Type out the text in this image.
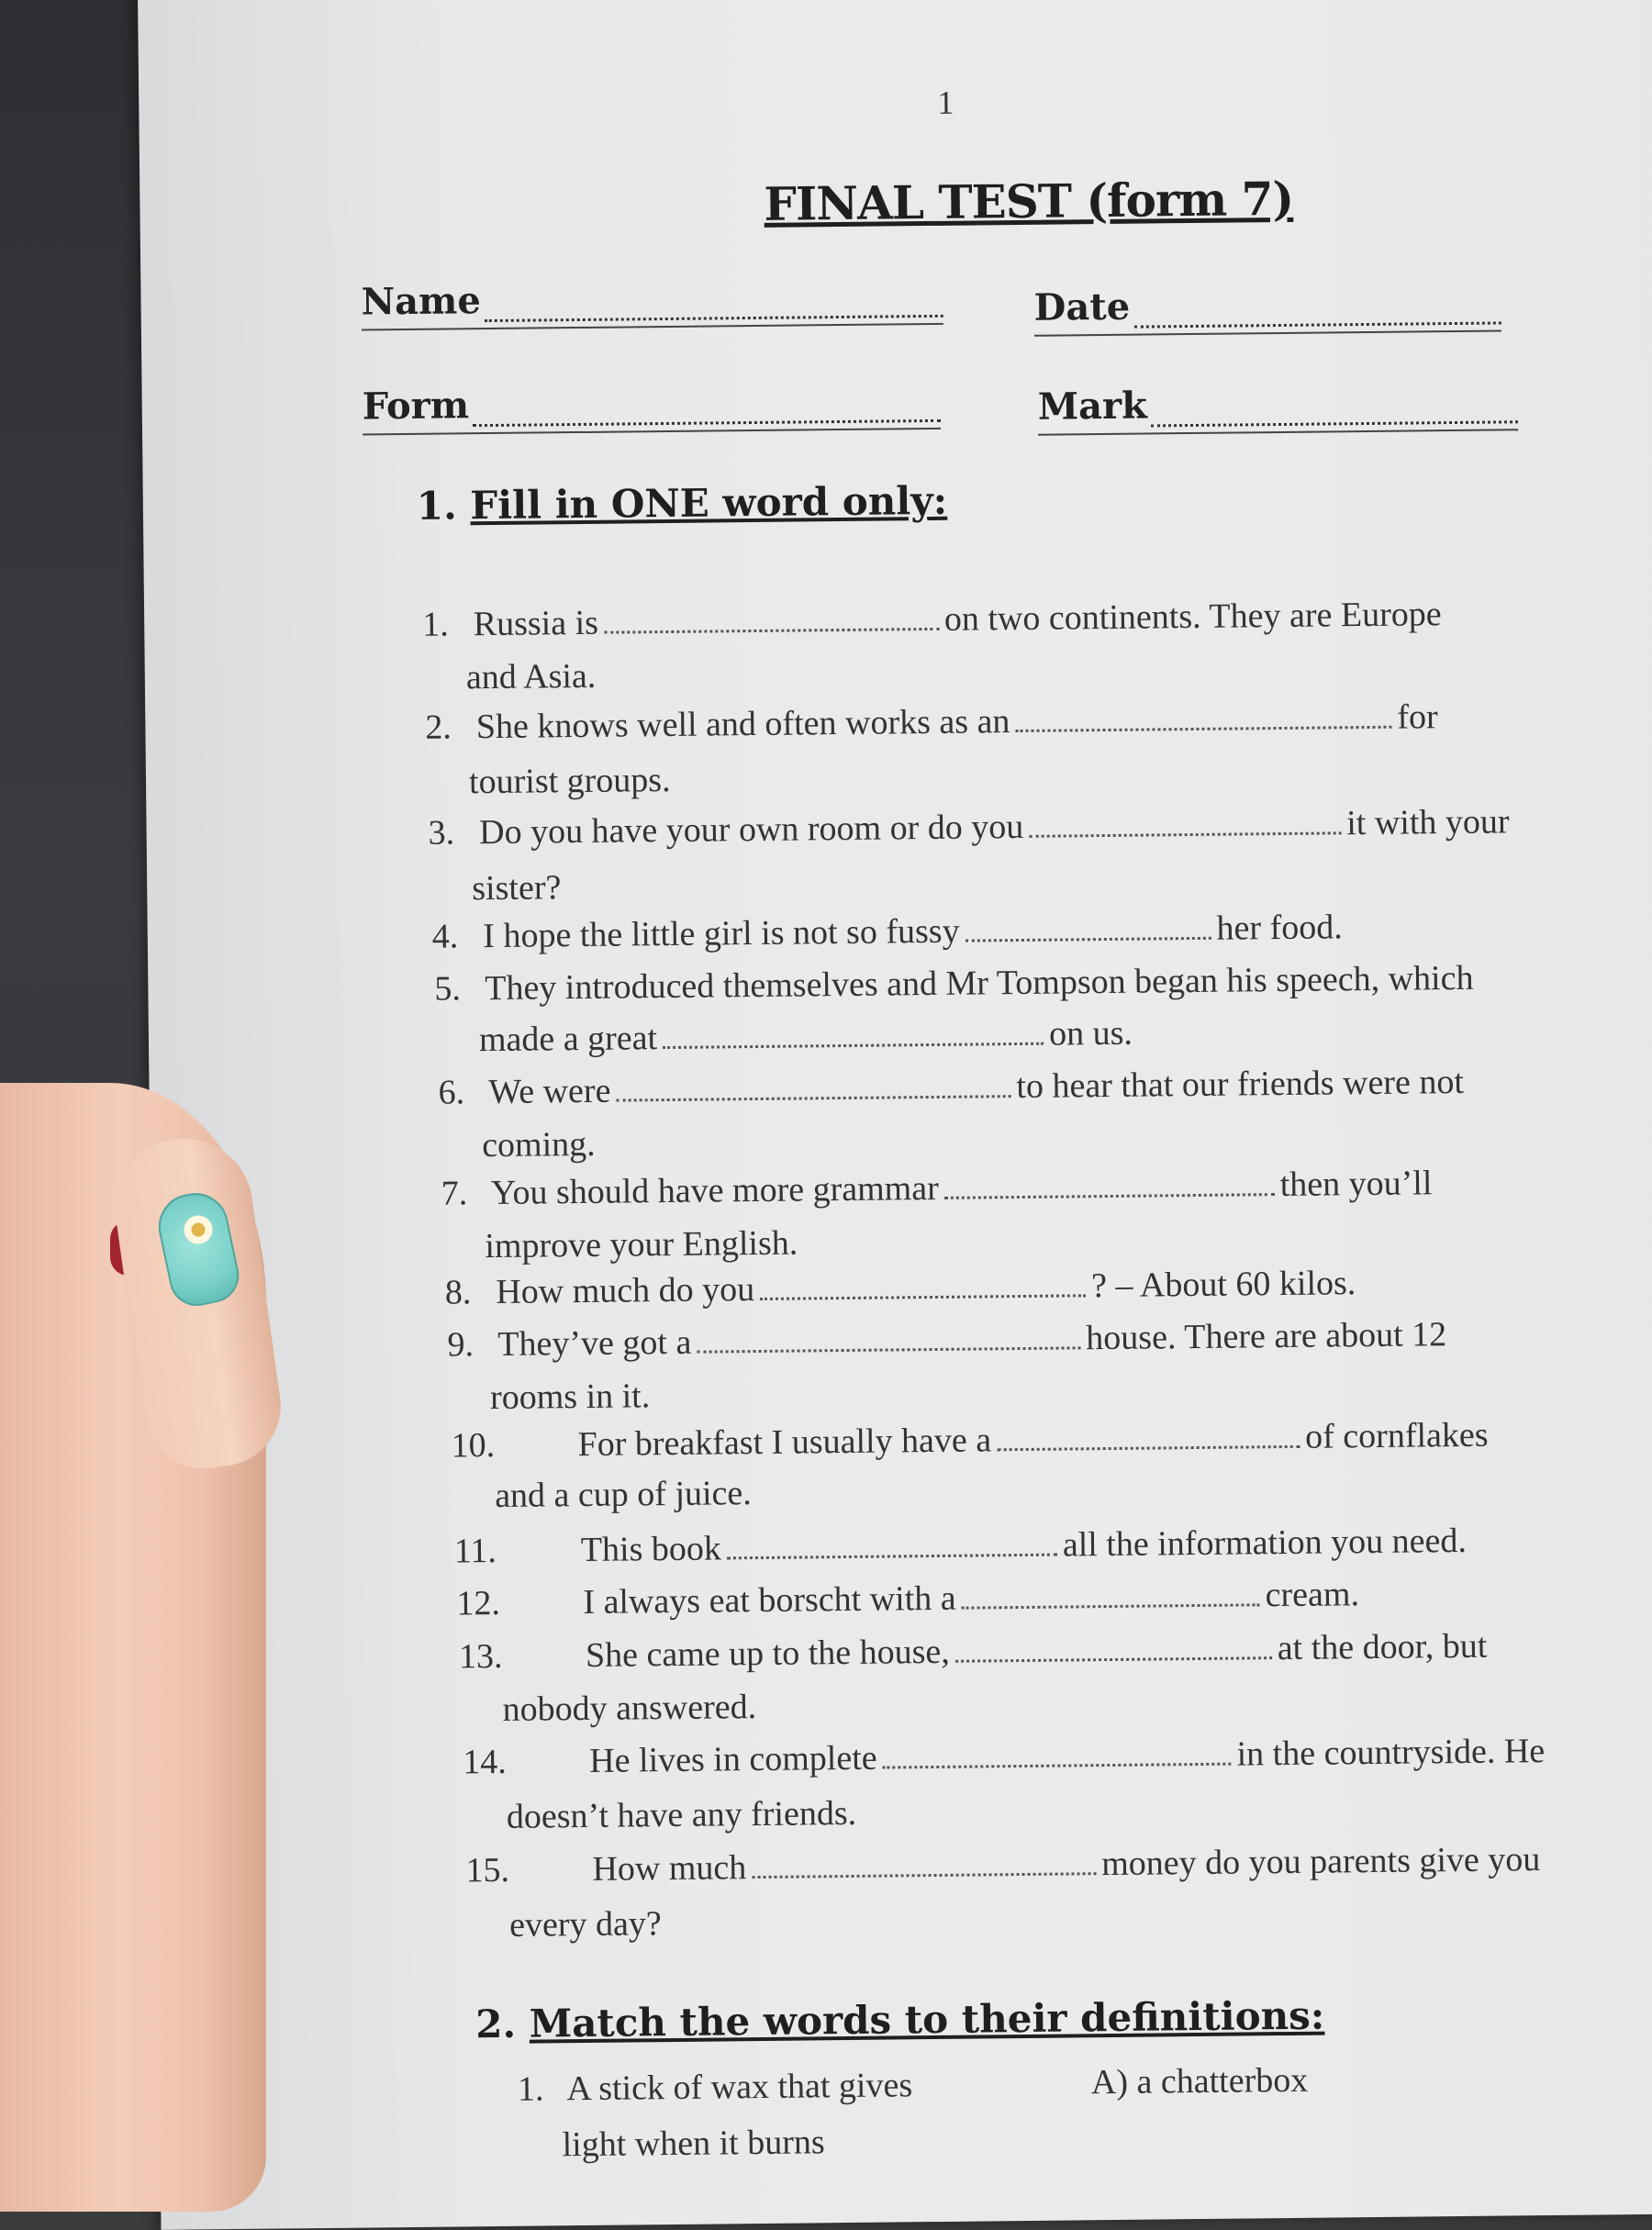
1
FINAL TEST (form 7)
Name	Date
Form	Mark
1. Fill in ONE word only:
1. Russia is	on two continents. They are Europe
and Asia.
2. She knows well and often works as an	for
tourist groups.
3. Do you have your own room or do you	it with your
sister?
4. I hope the little girl is not so fussy	her food.
5. They introduced themselves and Mr Tompson began his speech, which
made a great	on us.
6. We were	to hear that our friends were not
coming.
7. You should have more grammar	then you’ll
improve your English.
8. How much do you	? – About 60 kilos.
9. They’ve got a	house. There are about 12
rooms in it.
10. For breakfast I usually have a	of cornflakes
and a cup of juice.
11. This book	all the information you need.
12. I always eat borscht with a	cream.
13. She came up to the house,	at the door, but
nobody answered.
14. He lives in complete	in the countryside. He
doesn’t have any friends.
15. How much	money do you parents give you
every day?
2. Match the words to their definitions:
1. A stick of wax that gives
light when it burns
A) a chatterbox
